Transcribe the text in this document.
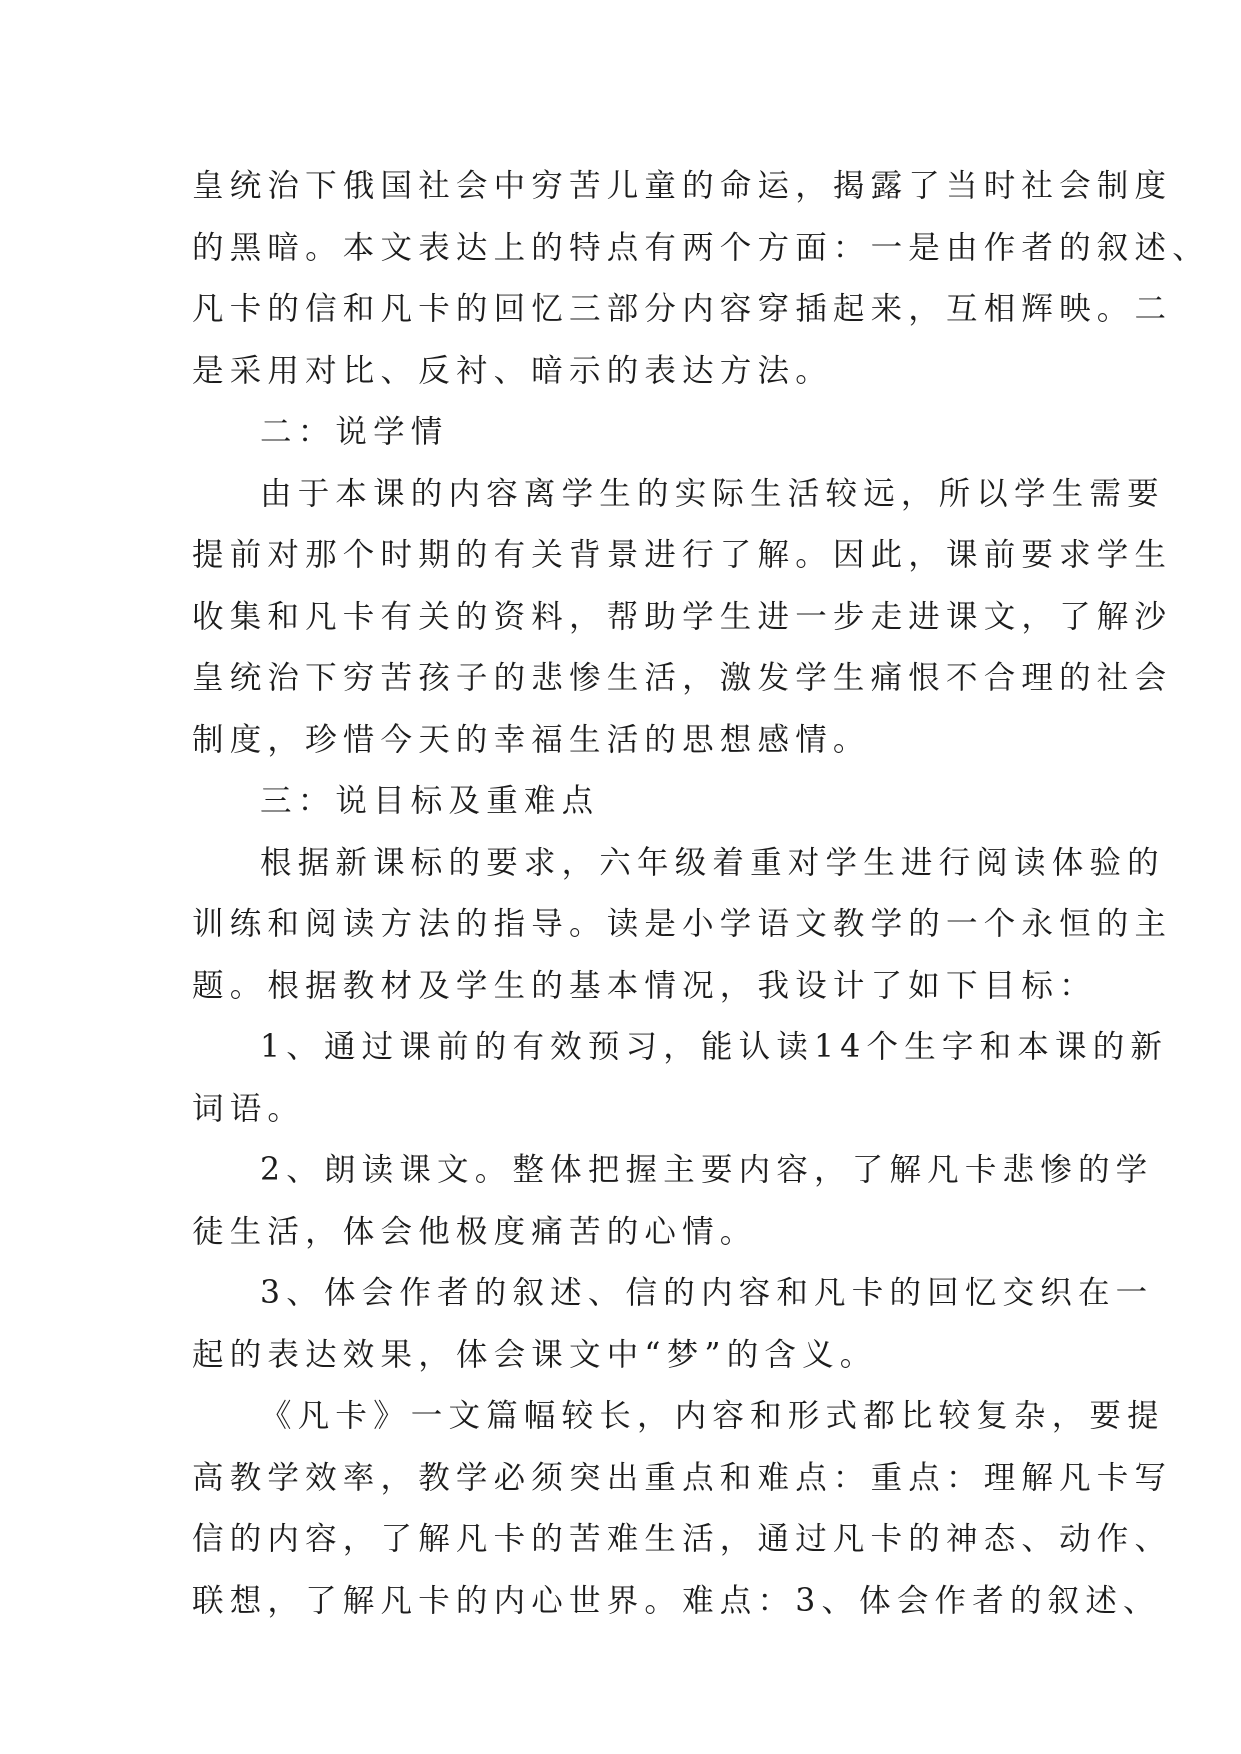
皇统治下俄国社会中穷苦儿童的命运，揭露了当时社会制度
的黑暗。本文表达上的特点有两个方面：一是由作者的叙述、
凡卡的信和凡卡的回忆三部分内容穿插起来，互相辉映。二
是采用对比、反衬、暗示的表达方法。
二：说学情
由于本课的内容离学生的实际生活较远，所以学生需要
提前对那个时期的有关背景进行了解。因此，课前要求学生
收集和凡卡有关的资料，帮助学生进一步走进课文，了解沙
皇统治下穷苦孩子的悲惨生活，激发学生痛恨不合理的社会
制度，珍惜今天的幸福生活的思想感情。
三：说目标及重难点
根据新课标的要求，六年级着重对学生进行阅读体验的
训练和阅读方法的指导。读是小学语文教学的一个永恒的主
题。根据教材及学生的基本情况，我设计了如下目标：
1、通过课前的有效预习，能认读14个生字和本课的新
词语。
2、朗读课文。整体把握主要内容，了解凡卡悲惨的学
徒生活，体会他极度痛苦的心情。
3、体会作者的叙述、信的内容和凡卡的回忆交织在一
起的表达效果，体会课文中“梦”的含义。
《凡卡》一文篇幅较长，内容和形式都比较复杂，要提
高教学效率，教学必须突出重点和难点：重点：理解凡卡写
信的内容，了解凡卡的苦难生活，通过凡卡的神态、动作、
联想，了解凡卡的内心世界。难点：3、体会作者的叙述、
